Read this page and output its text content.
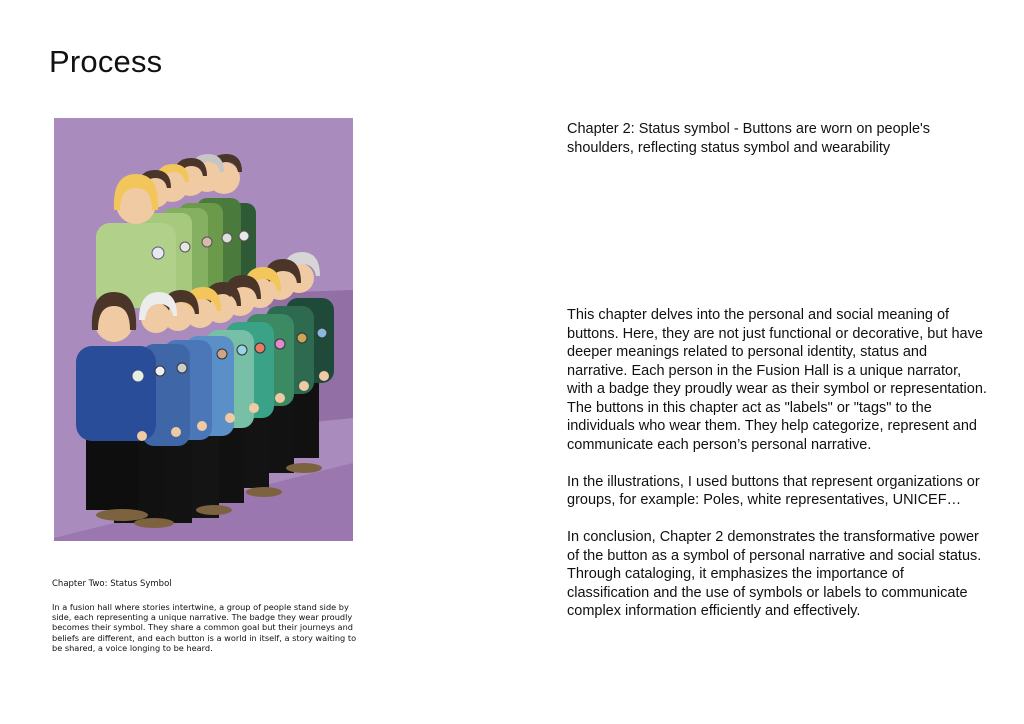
Process

Chapter Two: Status Symbol

In a fusion hall where stories intertwine, a group of people stand side by side, each representing a unique narrative. The badge they wear proudly becomes their symbol. They share a common goal but their journeys and beliefs are different, and each button is a world in itself, a story waiting to be shared, a voice longing to be heard.

Chapter 2: Status symbol - Buttons are worn on people's shoulders, reflecting status symbol and wearability

This chapter delves into the personal and social meaning of buttons. Here, they are not just functional or decorative, but have deeper meanings related to personal identity, status and narrative. Each person in the Fusion Hall is a unique narrator, with a badge they proudly wear as their symbol or representation. The buttons in this chapter act as "labels" or "tags" to the individuals who wear them. They help categorize, represent and communicate each person’s personal narrative.

In the illustrations, I used buttons that represent organizations or groups, for example: Poles, white representatives, UNICEF…

In conclusion, Chapter 2 demonstrates the transformative power of the button as a symbol of personal narrative and social status. Through cataloging, it emphasizes the importance of classification and the use of symbols or labels to communicate complex information efficiently and effectively.
